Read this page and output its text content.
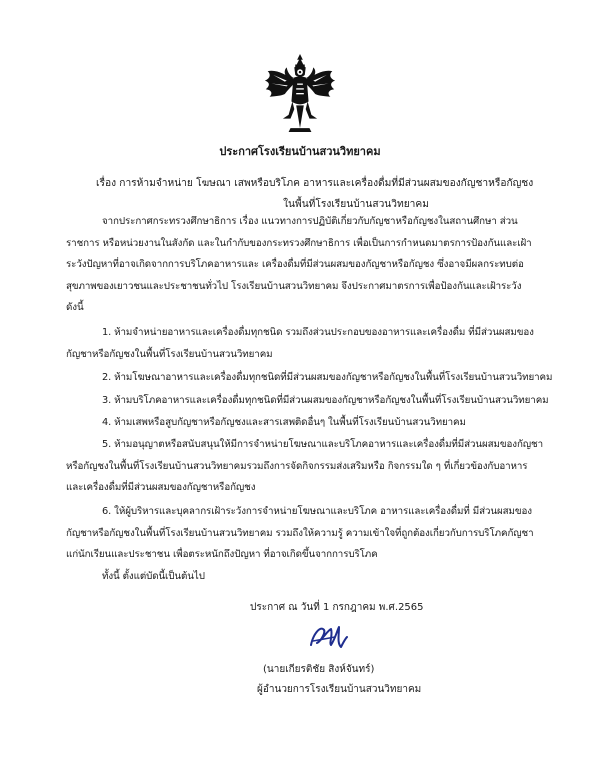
ประกาศโรงเรียนบ้านสวนวิทยาคม
เรื่อง การห้ามจำหน่าย โฆษณา เสพหรือบริโภค อาหารและเครื่องดื่มที่มีส่วนผสมของกัญชาหรือกัญชง
ในพื้นที่โรงเรียนบ้านสวนวิทยาคม
จากประกาศกระทรวงศึกษาธิการ เรื่อง แนวทางการปฏิบัติเกี่ยวกับกัญชาหรือกัญชงในสถานศึกษา ส่วน
ราชการ หรือหน่วยงานในสังกัด และในกำกับของกระทรวงศึกษาธิการ เพื่อเป็นการกำหนดมาตรการป้องกันและเฝ้า
ระวังปัญหาที่อาจเกิดจากการบริโภคอาหารและ เครื่องดื่มที่มีส่วนผสมของกัญชาหรือกัญชง ซึ่งอาจมีผลกระทบต่อ
สุขภาพของเยาวชนและประชาชนทั่วไป โรงเรียนบ้านสวนวิทยาคม จึงประกาศมาตรการเพื่อป้องกันและเฝ้าระวัง
ดังนี้
1. ห้ามจำหน่ายอาหารและเครื่องดื่มทุกชนิด รวมถึงส่วนประกอบของอาหารและเครื่องดื่ม ที่มีส่วนผสมของ
กัญชาหรือกัญชงในพื้นที่โรงเรียนบ้านสวนวิทยาคม
2. ห้ามโฆษณาอาหารและเครื่องดื่มทุกชนิดที่มีส่วนผสมของกัญชาหรือกัญชงในพื้นที่โรงเรียนบ้านสวนวิทยาคม
3. ห้ามบริโภคอาหารและเครื่องดื่มทุกชนิดที่มีส่วนผสมของกัญชาหรือกัญชงในพื้นที่โรงเรียนบ้านสวนวิทยาคม
4. ห้ามเสพหรือสูบกัญชาหรือกัญชงและสารเสพติดอื่นๆ ในพื้นที่โรงเรียนบ้านสวนวิทยาคม
5. ห้ามอนุญาตหรือสนับสนุนให้มีการจำหน่ายโฆษณาและบริโภคอาหารและเครื่องดื่มที่มีส่วนผสมของกัญชา
หรือกัญชงในพื้นที่โรงเรียนบ้านสวนวิทยาคมรวมถึงการจัดกิจกรรมส่งเสริมหรือ กิจกรรมใด ๆ ที่เกี่ยวข้องกับอาหาร
และเครื่องดื่มที่มีส่วนผสมของกัญชาหรือกัญชง
6. ให้ผู้บริหารและบุคลากรเฝ้าระวังการจำหน่ายโฆษณาและบริโภค อาหารและเครื่องดื่มที่ มีส่วนผสมของ
กัญชาหรือกัญชงในพื้นที่โรงเรียนบ้านสวนวิทยาคม รวมถึงให้ความรู้ ความเข้าใจที่ถูกต้องเกี่ยวกับการบริโภคกัญชา
แก่นักเรียนและประชาชน เพื่อตระหนักถึงปัญหา ที่อาจเกิดขึ้นจากการบริโภค
ทั้งนี้ ตั้งแต่บัดนี้เป็นต้นไป
ประกาศ ณ วันที่ 1 กรกฎาคม พ.ศ.2565
(นายเกียรติชัย สิงห์จันทร์)
ผู้อำนวยการโรงเรียนบ้านสวนวิทยาคม
